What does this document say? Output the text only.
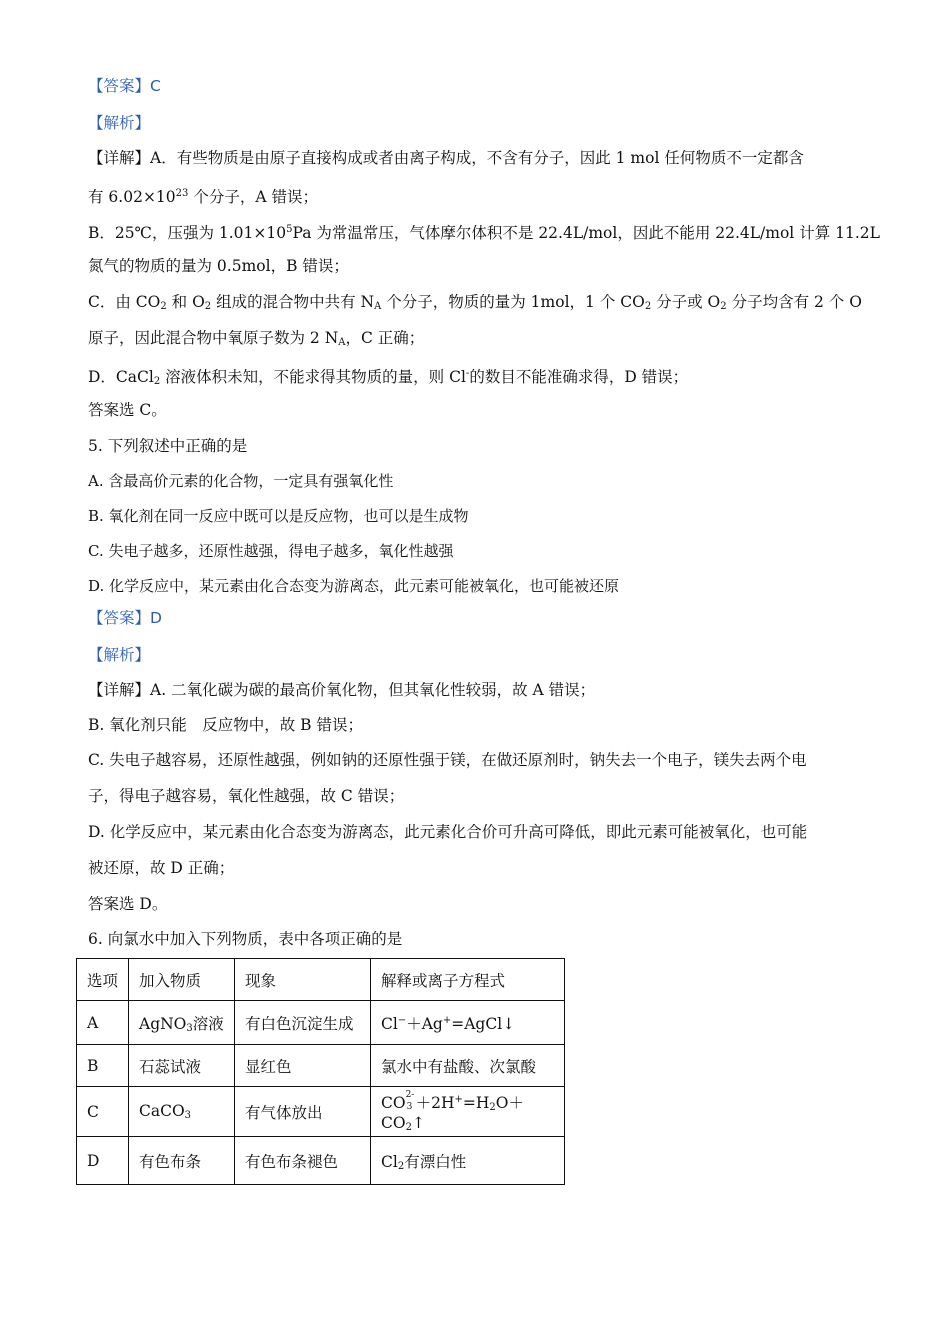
【答案】C
【解析】
【详解】A．有些物质是由原子直接构成或者由离子构成，不含有分子，因此 1 mol 任何物质不一定都含
有 $6.02\times 10^{23}$ 个分子，A 错误；
B．25℃，压强为 $1.01\times 10^5Pa$ 为常温常压，气体摩尔体积不是 22.4L/mol，因此不能用 22.4L/mol 计算 11.2L
氮气的物质的量为 0.5mol，B 错误；
C．由 $CO_2$ 和 $O_2$ 组成的混合物中共有 $N_A$ 个分子，物质的量为 1mol，1 个 $CO_2$ 分子或 $O_2$ 分子均含有 2 个 O
原子，因此混合物中氧原子数为 2 $N_A$，C 正确；
D．CaCl$_2$ 溶液体积未知，不能求得其物质的量，则 Cl-的数目不能准确求得，D 错误；
答案选 C。
5. 下列叙述中正确的是
A. 含最高价元素的化合物，一定具有强氧化性
B. 氧化剂在同一反应中既可以是反应物，也可以是生成物
C. 失电子越多，还原性越强，得电子越多，氧化性越强
D. 化学反应中，某元素由化合态变为游离态，此元素可能被氧化，也可能被还原
【答案】D
【解析】
【详解】A. 二氧化碳为碳的最高价氧化物，但其氧化性较弱，故 A 错误；
B. 氧化剂只能　反应物中，故 B 错误；
C. 失电子越容易，还原性越强，例如钠的还原性强于镁，在做还原剂时，钠失去一个电子，镁失去两个电
子，得电子越容易，氧化性越强，故 C 错误；
D. 化学反应中，某元素由化合态变为游离态，此元素化合价可升高可降低，即此元素可能被氧化，也可能
被还原，故 D 正确；
答案选 D。
6. 向氯水中加入下列物质，表中各项正确的是
选项	加入物质	现象	解释或离子方程式
A	AgNO$_3$溶液	有白色沉淀生成	Cl−＋Ag+=AgCl↓
B	石蕊试液	显红色	氯水中有盐酸、次氯酸
C	CaCO$_3$	有气体放出	CO 2-
$3 +2H^+=H_2O+CO_2↑$
D	有色布条	有色布条褪色	$Cl_2$有漂白性
